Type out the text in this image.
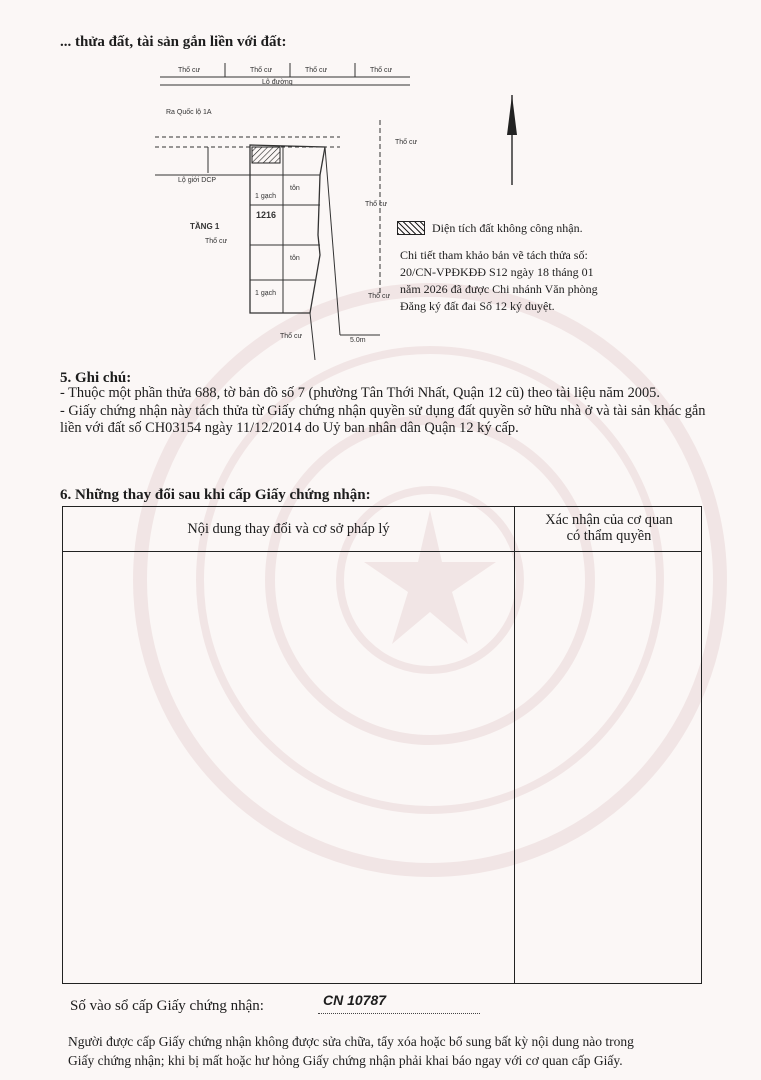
... thửa đất, tài sản gắn liền với đất:
Thổ cư	Thổ cư	Thổ cư	Thổ cư
Lộ đường
Ra Quốc lộ 1A
Lộ giới DCP
TẦNG 1
1216
1 gạch
tôn
tôn
1 gạch
Thổ cư
Thổ cư
Thổ cư
Thổ cư
5.0m
Thổ cư
Diện tích đất không công nhận.
Chi tiết tham khảo bản vẽ tách thửa số:
20/CN-VPĐKĐĐ S12 ngày 18 tháng 01
năm 2026 đã được Chi nhánh Văn phòng
Đăng ký đất đai Số 12 ký duyệt.
5. Ghi chú:

- Thuộc một phần thửa 688, tờ bản đồ số 7 (phường Tân Thới Nhất, Quận 12 cũ) theo tài liệu năm 2005.

- Giấy chứng nhận này tách thửa từ Giấy chứng nhận quyền sử dụng đất quyền sở hữu nhà ở và tài sản khác gắn liền với đất số CH03154 ngày 11/12/2014 do Uỷ ban nhân dân Quận 12 ký cấp.

6. Những thay đổi sau khi cấp Giấy chứng nhận:
Nội dung thay đổi và cơ sở pháp lý
Xác nhận của cơ quan
có thẩm quyền
Số vào sổ cấp Giấy chứng nhận:	CN 10787

Người được cấp Giấy chứng nhận không được sửa chữa, tẩy xóa hoặc bổ sung bất kỳ nội dung nào trong

Giấy chứng nhận; khi bị mất hoặc hư hỏng Giấy chứng nhận phải khai báo ngay với cơ quan cấp Giấy.
